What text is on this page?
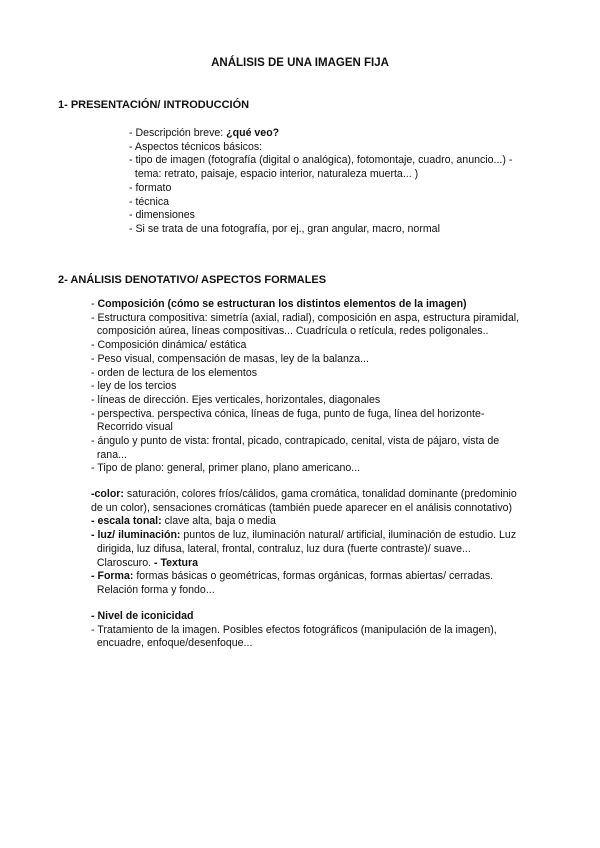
ANÁLISIS DE UNA IMAGEN FIJA
1- PRESENTACIÓN/ INTRODUCCIÓN
- Descripción breve: ¿qué veo?
- Aspectos técnicos básicos:
- tipo de imagen (fotografía (digital o analógica), fotomontaje, cuadro, anuncio...) -
tema: retrato, paisaje, espacio interior, naturaleza muerta... )
- formato
- técnica
- dimensiones
- Si se trata de una fotografía, por ej., gran angular, macro, normal
2- ANÁLISIS DENOTATIVO/ ASPECTOS FORMALES
- Composición (cómo se estructuran los distintos elementos de la imagen)
- Estructura compositiva: simetría (axial, radial), composición en aspa, estructura piramidal,
composición aúrea, líneas compositivas... Cuadrícula o retícula, redes poligonales..
- Composición dinámica/ estática
- Peso visual, compensación de masas, ley de la balanza...
- orden de lectura de los elementos
- ley de los tercios
- líneas de dirección. Ejes verticales, horizontales, diagonales
- perspectiva. perspectiva cónica, líneas de fuga, punto de fuga, línea del horizonte-
Recorrido visual
- ángulo y punto de vista: frontal, picado, contrapicado, cenital, vista de pájaro, vista de
rana...
- Tipo de plano: general, primer plano, plano americano...
-color: saturación, colores fríos/cálidos, gama cromática, tonalidad dominante (predominio
de un color), sensaciones cromáticas (también puede aparecer en el análisis connotativo)
- escala tonal: clave alta, baja o media
- luz/ iluminación: puntos de luz, iluminación natural/ artificial, iluminación de estudio. Luz
dirigida, luz difusa, lateral, frontal, contraluz, luz dura (fuerte contraste)/ suave...
Claroscuro. - Textura
- Forma: formas básicas o geométricas, formas orgánicas, formas abiertas/ cerradas.
Relación forma y fondo...
- Nivel de iconicidad
- Tratamiento de la imagen. Posibles efectos fotográficos (manipulación de la imagen),
encuadre, enfoque/desenfoque...
